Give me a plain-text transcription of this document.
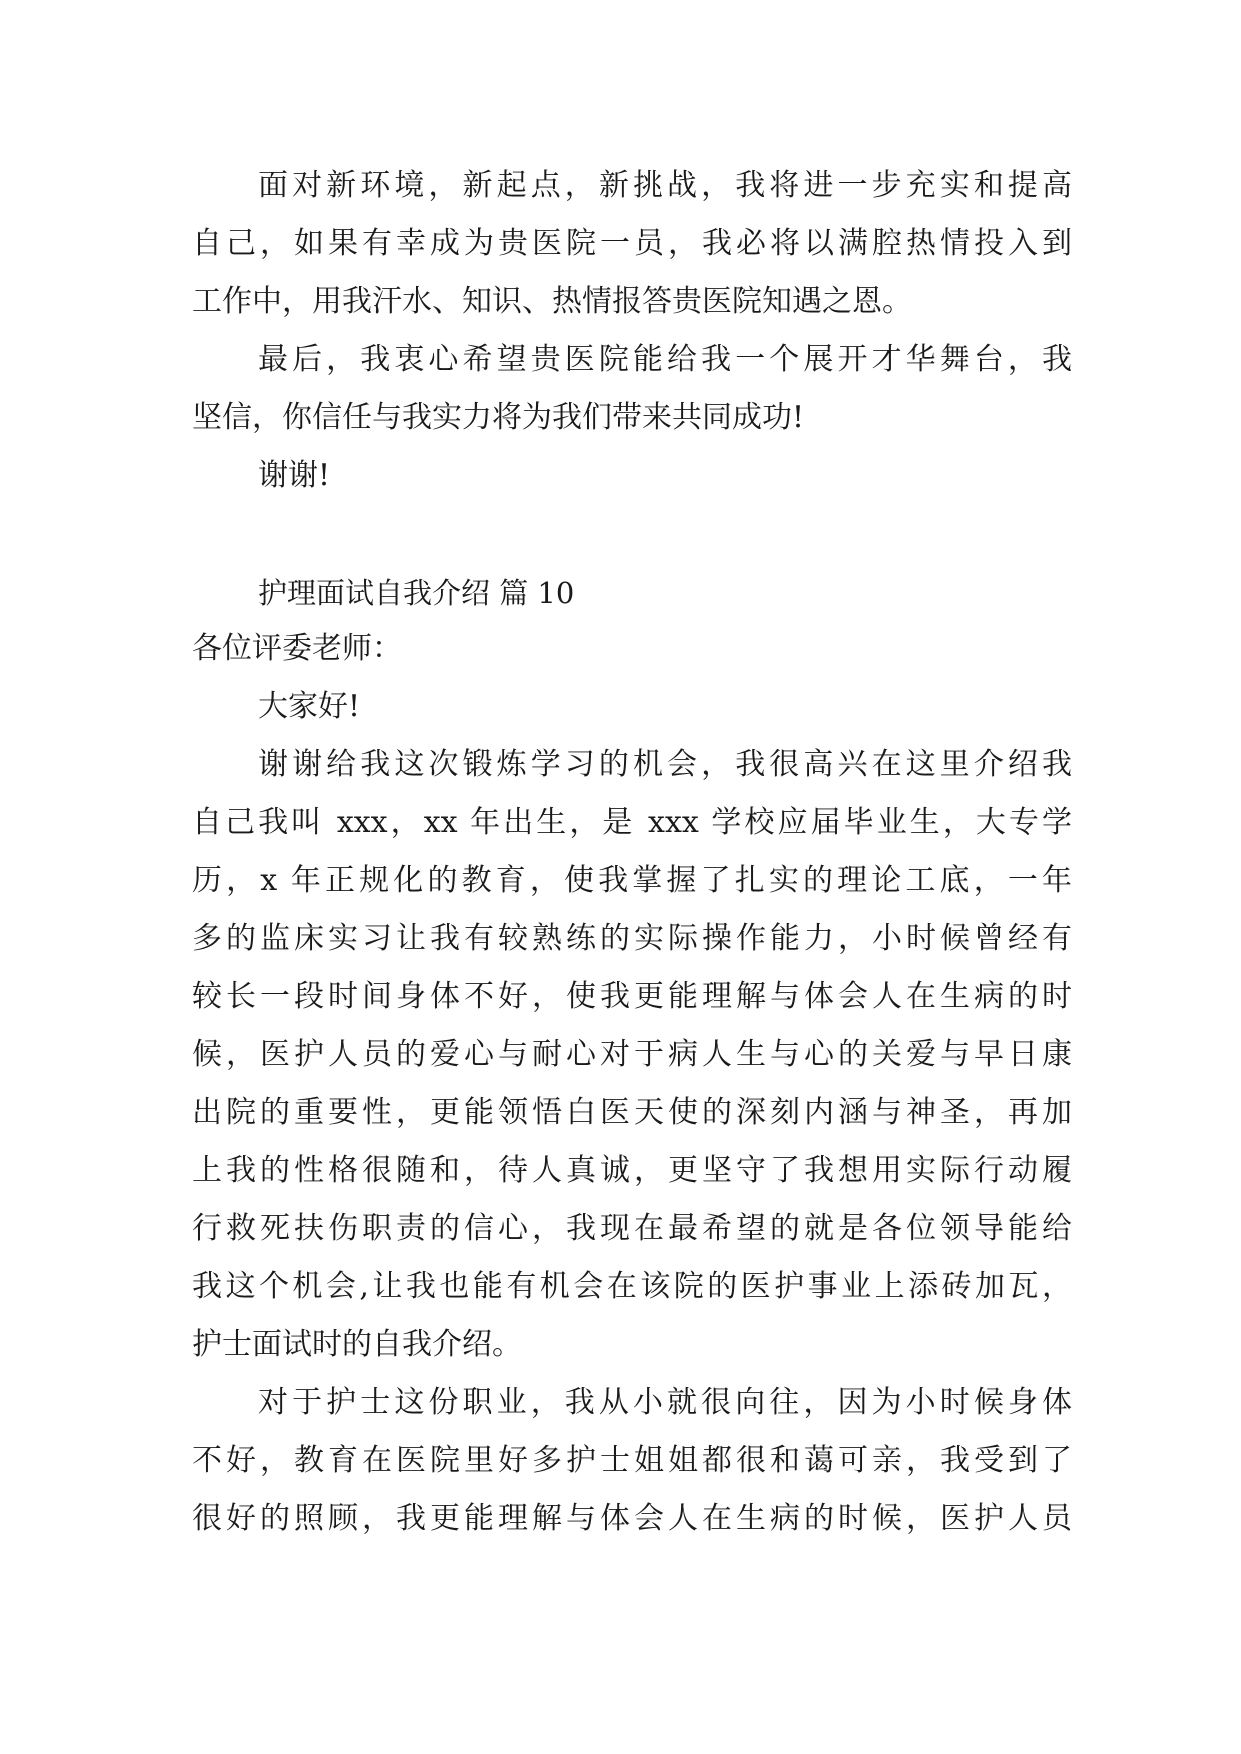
面对新环境，新起点，新挑战，我将进一步充实和提高
自己，如果有幸成为贵医院一员，我必将以满腔热情投入到
工作中，用我汗水、知识、热情报答贵医院知遇之恩。
最后，我衷心希望贵医院能给我一个展开才华舞台，我
坚信，你信任与我实力将为我们带来共同成功!
谢谢!
护理面试自我介绍 篇 10
各位评委老师：
大家好!
谢谢给我这次锻炼学习的机会，我很高兴在这里介绍我
自己我叫 xxx，xx 年出生，是 xxx 学校应届毕业生，大专学
历，x 年正规化的教育，使我掌握了扎实的理论工底，一年
多的监床实习让我有较熟练的实际操作能力，小时候曾经有
较长一段时间身体不好，使我更能理解与体会人在生病的时
候，医护人员的爱心与耐心对于病人生与心的关爱与早日康
出院的重要性，更能领悟白医天使的深刻内涵与神圣，再加
上我的性格很随和，待人真诚，更坚守了我想用实际行动履
行救死扶伤职责的信心，我现在最希望的就是各位领导能给
我这个机会,让我也能有机会在该院的医护事业上添砖加瓦，
护士面试时的自我介绍。
对于护士这份职业，我从小就很向往，因为小时候身体
不好，教育在医院里好多护士姐姐都很和蔼可亲，我受到了
很好的照顾，我更能理解与体会人在生病的时候，医护人员
